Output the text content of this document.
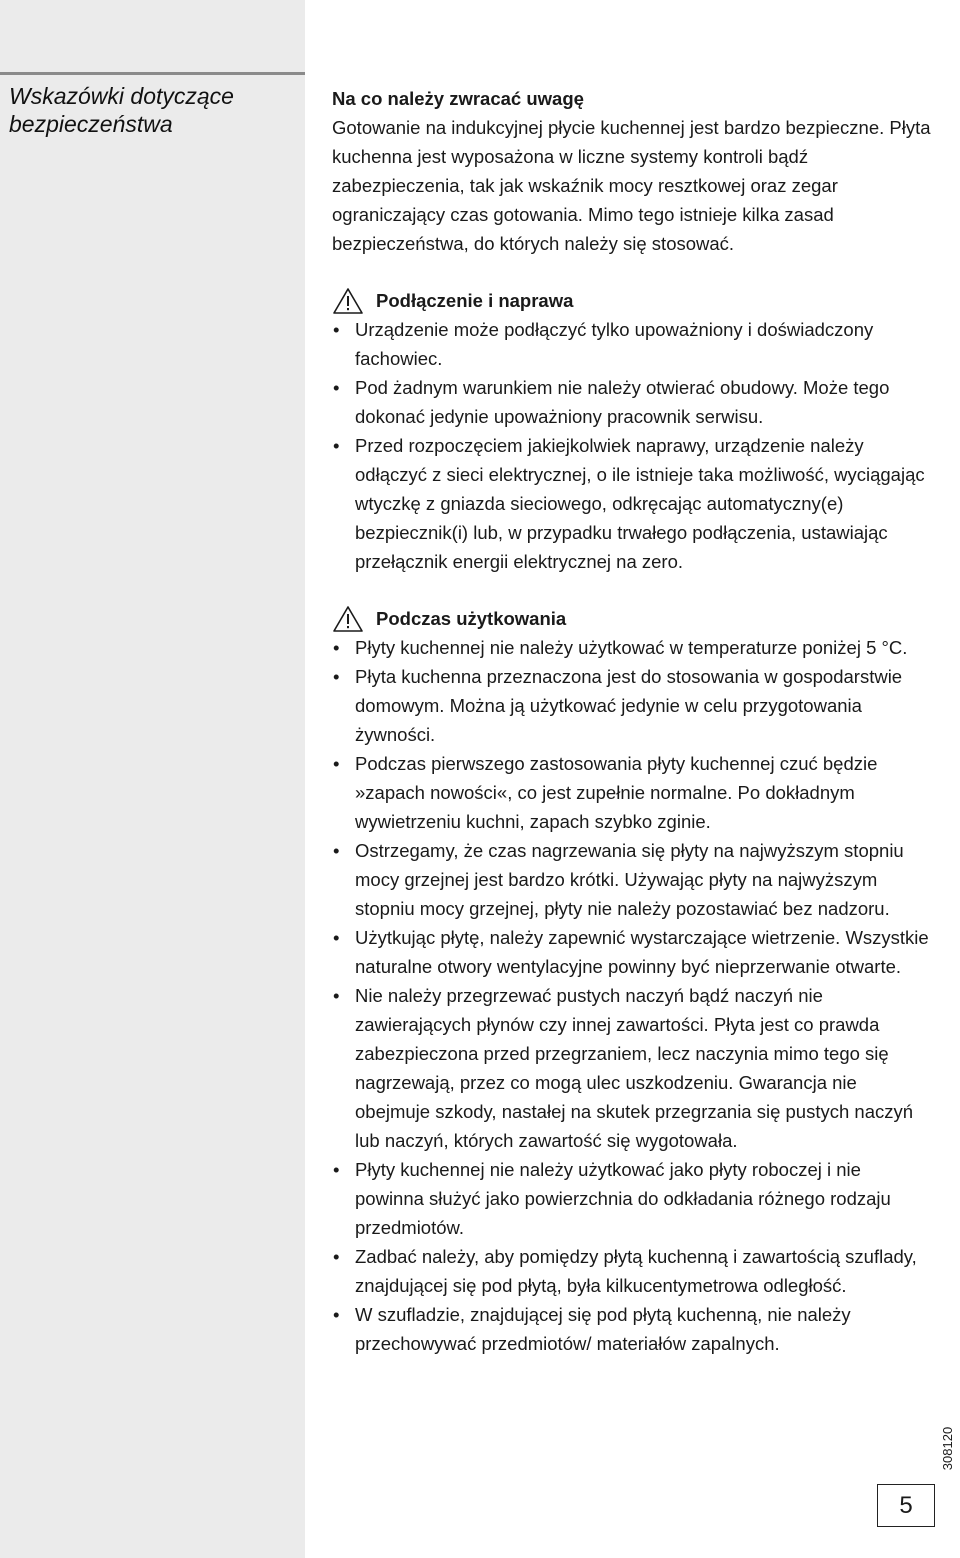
Wskazówki dotyczące
bezpieczeństwa

Na co należy zwracać uwagę

Gotowanie na indukcyjnej płycie kuchennej jest bardzo bezpieczne. Płyta kuchenna jest wyposażona w liczne systemy kontroli bądź zabezpieczenia, tak jak wskaźnik mocy resztkowej oraz zegar ograniczający czas gotowania. Mimo tego istnieje kilka zasad bezpieczeństwa, do których należy się stosować.

Podłączenie i naprawa

• Urządzenie może podłączyć tylko upoważniony i doświadczony fachowiec.
• Pod żadnym warunkiem nie należy otwierać obudowy. Może tego dokonać jedynie upoważniony pracownik serwisu.
• Przed rozpoczęciem jakiejkolwiek naprawy, urządzenie należy odłączyć z sieci elektrycznej, o ile istnieje taka możliwość, wyciągając wtyczkę z gniazda sieciowego, odkręcając automatyczny(e) bezpiecznik(i) lub, w przypadku trwałego podłączenia, ustawiając przełącznik energii elektrycznej na zero.

Podczas użytkowania

• Płyty kuchennej nie należy użytkować w temperaturze poniżej 5 °C.
• Płyta kuchenna przeznaczona jest do stosowania w gospodarstwie domowym. Można ją użytkować jedynie w celu przygotowania żywności.
• Podczas pierwszego zastosowania płyty kuchennej czuć będzie »zapach nowości«, co jest zupełnie normalne. Po dokładnym wywietrzeniu kuchni, zapach szybko zginie.
• Ostrzegamy, że czas nagrzewania się płyty na najwyższym stopniu mocy grzejnej jest bardzo krótki. Używając płyty na najwyższym stopniu mocy grzejnej, płyty nie należy pozostawiać bez nadzoru.
• Użytkując płytę, należy zapewnić wystarczające wietrzenie. Wszystkie naturalne otwory wentylacyjne powinny być nieprzerwanie otwarte.
• Nie należy przegrzewać pustych naczyń bądź naczyń nie zawierających płynów czy innej zawartości. Płyta jest co prawda zabezpieczona przed przegrzaniem, lecz naczynia mimo tego się nagrzewają, przez co mogą ulec uszkodzeniu. Gwarancja nie obejmuje szkody, nastałej na skutek przegrzania się pustych naczyń lub naczyń, których zawartość się wygotowała.
• Płyty kuchennej nie należy użytkować jako płyty roboczej i nie powinna służyć jako powierzchnia do odkładania różnego rodzaju przedmiotów.
• Zadbać należy, aby pomiędzy płytą kuchenną i zawartością szuflady, znajdującej się pod płytą, była kilkucentymetrowa odległość.
• W szufladzie, znajdującej się pod płytą kuchenną, nie należy przechowywać przedmiotów/ materiałów zapalnych.
308120
5
